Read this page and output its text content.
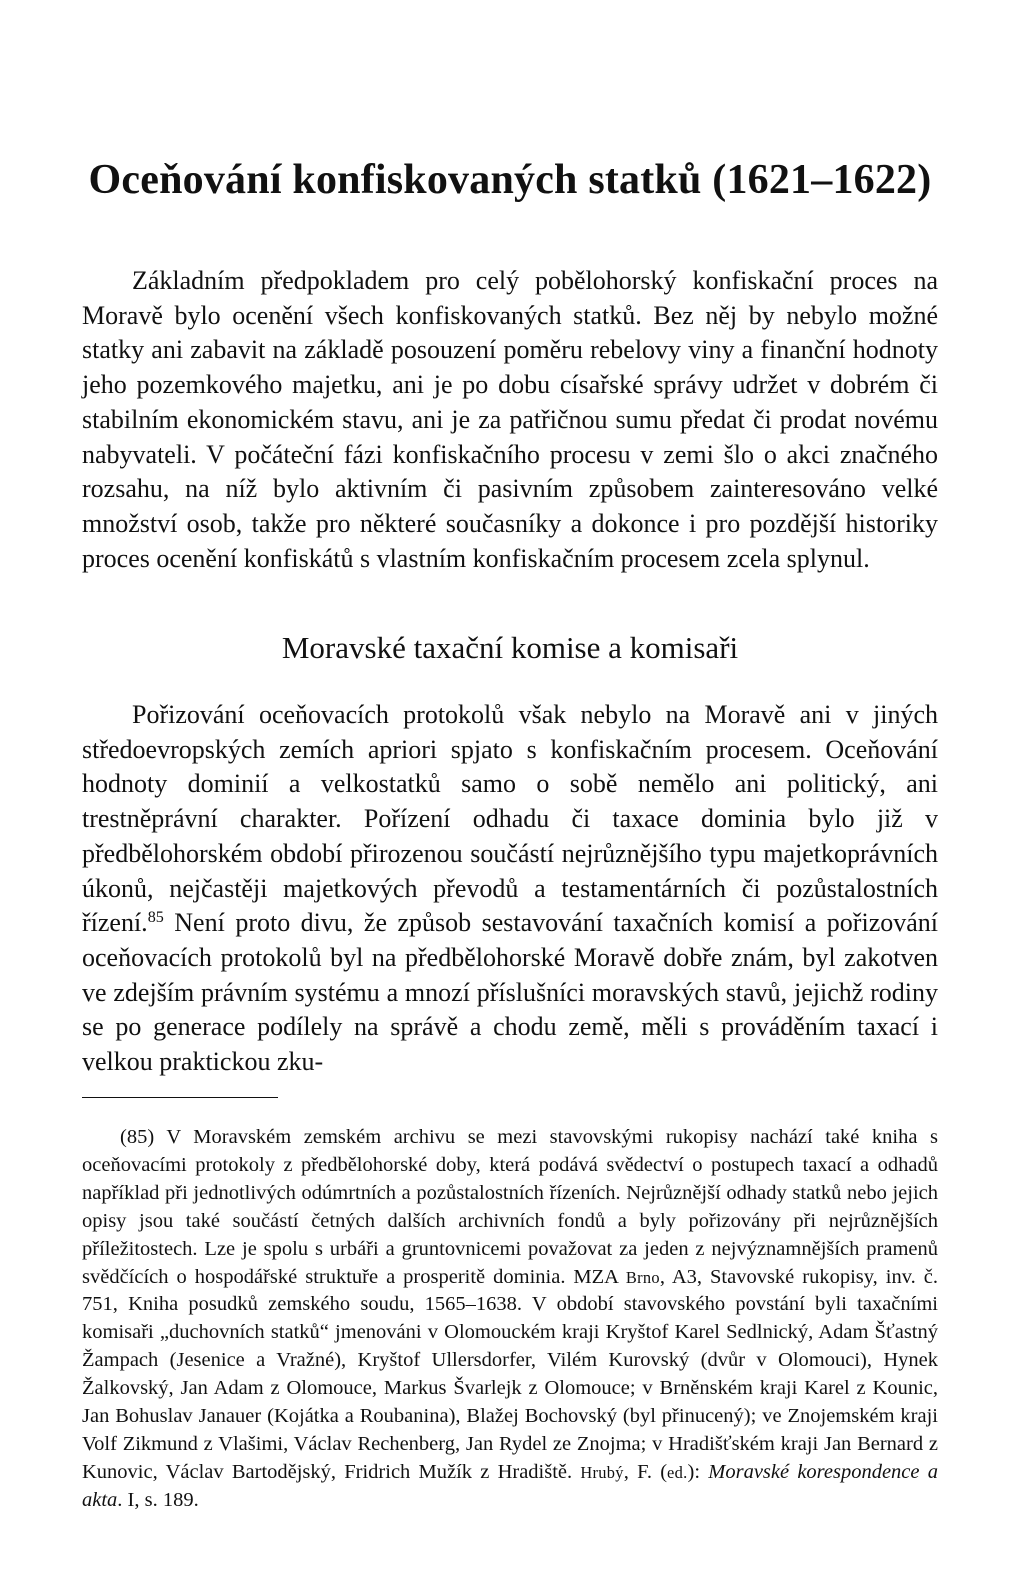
Oceňování konfiskovaných statků (1621–1622)

Základním předpokladem pro celý pobělohorský konfiskační proces na Moravě bylo ocenění všech konfiskovaných statků. Bez něj by nebylo možné statky ani zabavit na základě posouzení poměru rebelovy viny a finanční hodnoty jeho pozemkového majetku, ani je po dobu císařské správy udržet v dobrém či stabilním ekonomickém stavu, ani je za patřičnou sumu předat či prodat novému nabyvateli. V počáteční fázi konfiskačního procesu v zemi šlo o akci značného rozsahu, na níž bylo aktivním či pasivním způsobem zainteresováno velké množství osob, takže pro některé současníky a dokonce i pro pozdější historiky proces ocenění konfiskátů s vlastním konfiskačním procesem zcela splynul.

Moravské taxační komise a komisaři

Pořizování oceňovacích protokolů však nebylo na Moravě ani v jiných středoevropských zemích apriori spjato s konfiskačním procesem. Oceňování hodnoty dominií a velkostatků samo o sobě nemělo ani politický, ani trestněprávní charakter. Pořízení odhadu či taxace dominia bylo již v předbělohorském období přirozenou součástí nejrůznějšího typu majetkoprávních úkonů, nejčastěji majetkových převodů a testamentárních či pozůstalostních řízení.$^{85}$ Není proto divu, že způsob sestavování taxačních komisí a pořizování oceňovacích protokolů byl na předbělohorské Moravě dobře znám, byl zakotven ve zdejším právním systému a mnozí příslušníci moravských stavů, jejichž rodiny se po generace podílely na správě a chodu země, měli s prováděním taxací i velkou praktickou zku-

(85) V Moravském zemském archivu se mezi stavovskými rukopisy nachází také kniha s oceňovacími protokoly z předbělohorské doby, která podává svědectví o postupech taxací a odhadů například při jednotlivých odúmrtních a pozůstalostních řízeních. Nejrůznější odhady statků nebo jejich opisy jsou také součástí četných dalších archivních fondů a byly pořizovány při nejrůznějších příležitostech. Lze je spolu s urbáři a gruntovnicemi považovat za jeden z nejvýznamnějších pramenů svědčících o hospodářské struktuře a prosperitě dominia. MZA Brno, A3, Stavovské rukopisy, inv. č. 751, Kniha posudků zemského soudu, 1565–1638. V období stavovského povstání byli taxačními komisaři „duchovních statků“ jmenováni v Olomouckém kraji Kryštof Karel Sedlnický, Adam Šťastný Žampach (Jesenice a Vražné), Kryštof Ullersdorfer, Vilém Kurovský (dvůr v Olomouci), Hynek Žalkovský, Jan Adam z Olomouce, Markus Švarlejk z Olomouce; v Brněnském kraji Karel z Kounic, Jan Bohuslav Janauer (Kojátka a Roubanina), Blažej Bochovský (byl přinucený); ve Znojemském kraji Volf Zikmund z Vlašimi, Václav Rechenberg, Jan Rydel ze Znojma; v Hradišťském kraji Jan Bernard z Kunovic, Václav Bartodějský, Fridrich Mužík z Hradiště. Hrubý, F. (ed.): Moravské korespondence a akta. I, s. 189.
